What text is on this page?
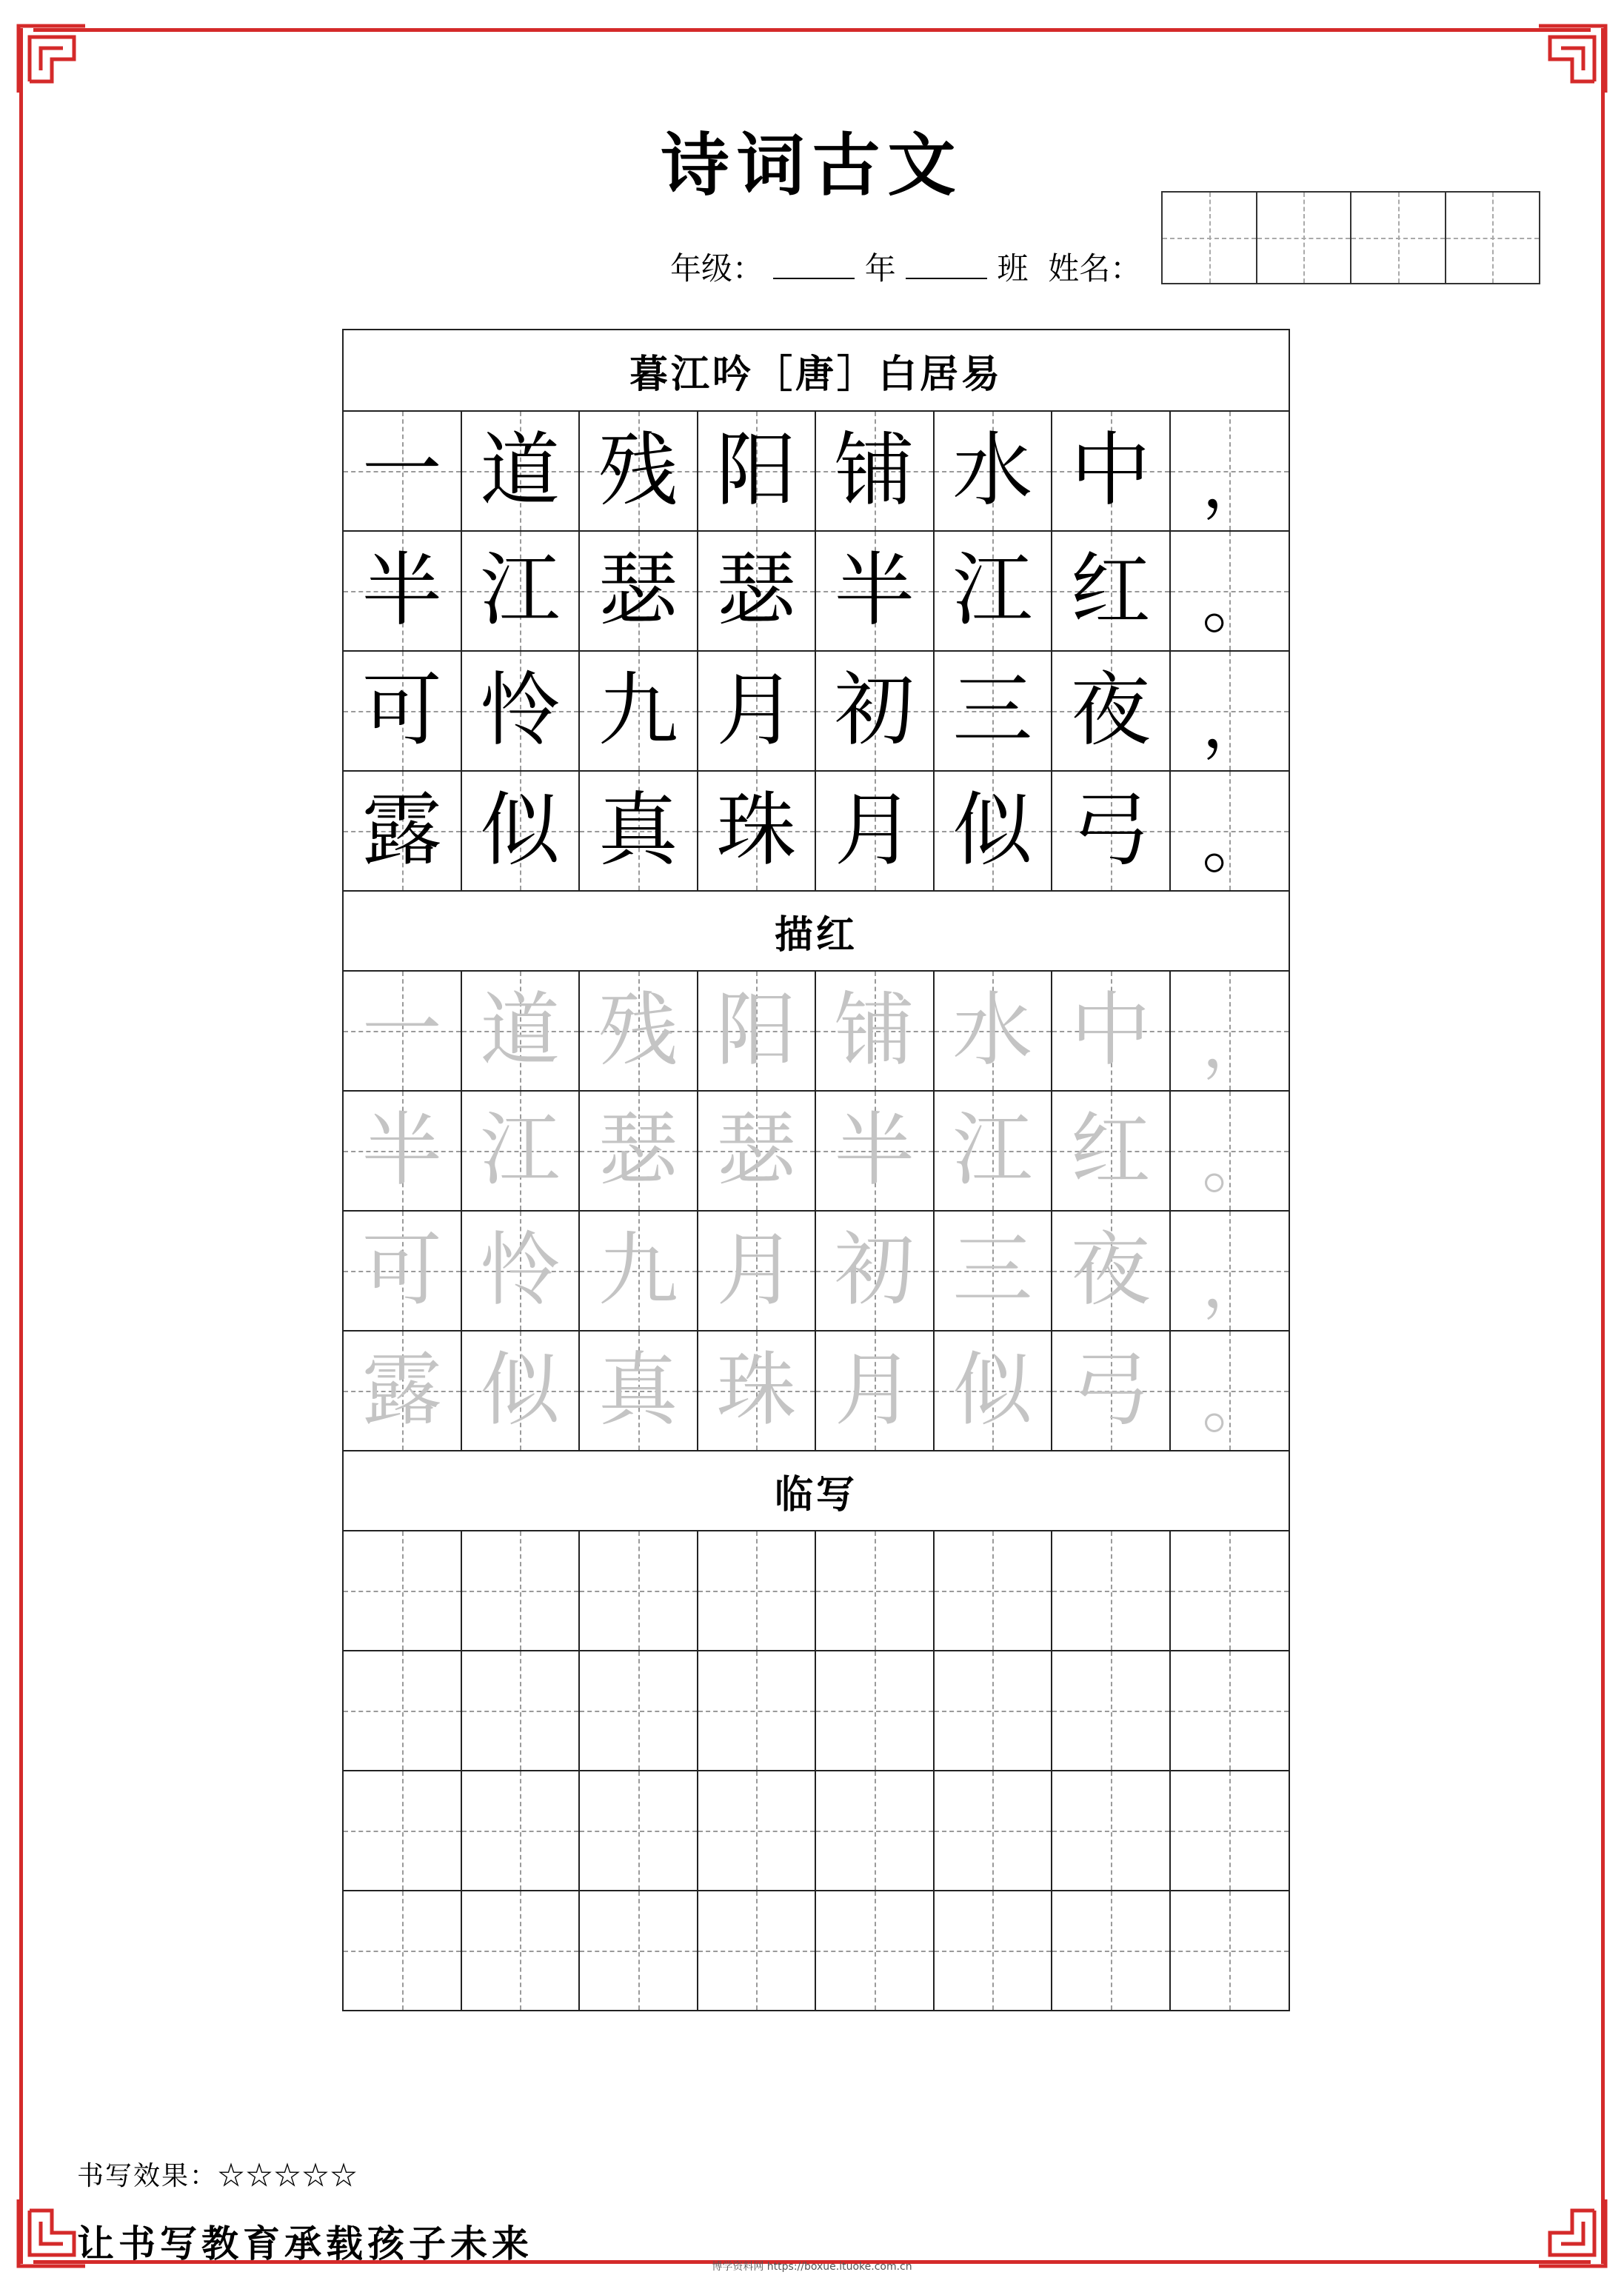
诗词古文
年级：	年	班 姓名：
暮江吟［唐］白居易
一 道 残 阳 铺 水 中 ，
半 江 瑟 瑟 半 江 红 。
可 怜 九 月 初 三 夜 ，
露 似 真 珠 月 似 弓 。
描红
一 道 残 阳 铺 水 中 ，
半 江 瑟 瑟 半 江 红 。
可 怜 九 月 初 三 夜 ，
露 似 真 珠 月 似 弓 。
临写
书写效果：☆☆☆☆☆
让书写教育承载孩子未来
博学资料网 https://boxue.ituoke.com.cn
